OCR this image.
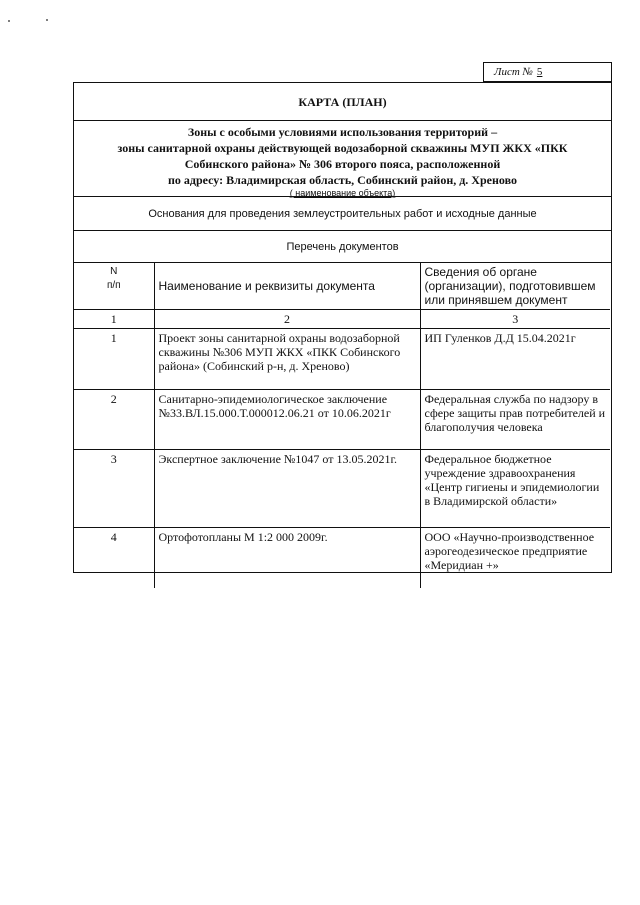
Лист № 5
КАРТА (ПЛАН)
Зоны с особыми условиями использования территорий –
зоны санитарной охраны действующей водозаборной скважины МУП ЖКХ «ПКК
Собинского района» № 306 второго пояса, расположенной
по адресу: Владимирская область, Собинский район, д. Хреново
( наименование объекта)
Основания для проведения землеустроительных работ и исходные данные
Перечень документов
N
п/п	Наименование и реквизиты документа	Сведения об органе (организации), подготовившем или принявшем документ
1	2	3
1	Проект зоны санитарной охраны водозаборной скважины №306 МУП ЖКХ «ПКК Собинского района» (Собинский р-н, д. Хреново)	ИП Гуленков Д.Д 15.04.2021г
2	Санитарно-эпидемиологическое заключение №33.ВЛ.15.000.Т.000012.06.21 от 10.06.2021г	Федеральная служба по надзору в сфере защиты прав потребителей и благополучия человека
3	Экспертное заключение №1047 от 13.05.2021г.	Федеральное бюджетное учреждение здравоохранения «Центр гигиены и эпидемиологии в Владимирской области»
4	Ортофотопланы М 1:2 000 2009г.	ООО «Научно-производственное аэрогеодезическое предприятие «Меридиан +»
